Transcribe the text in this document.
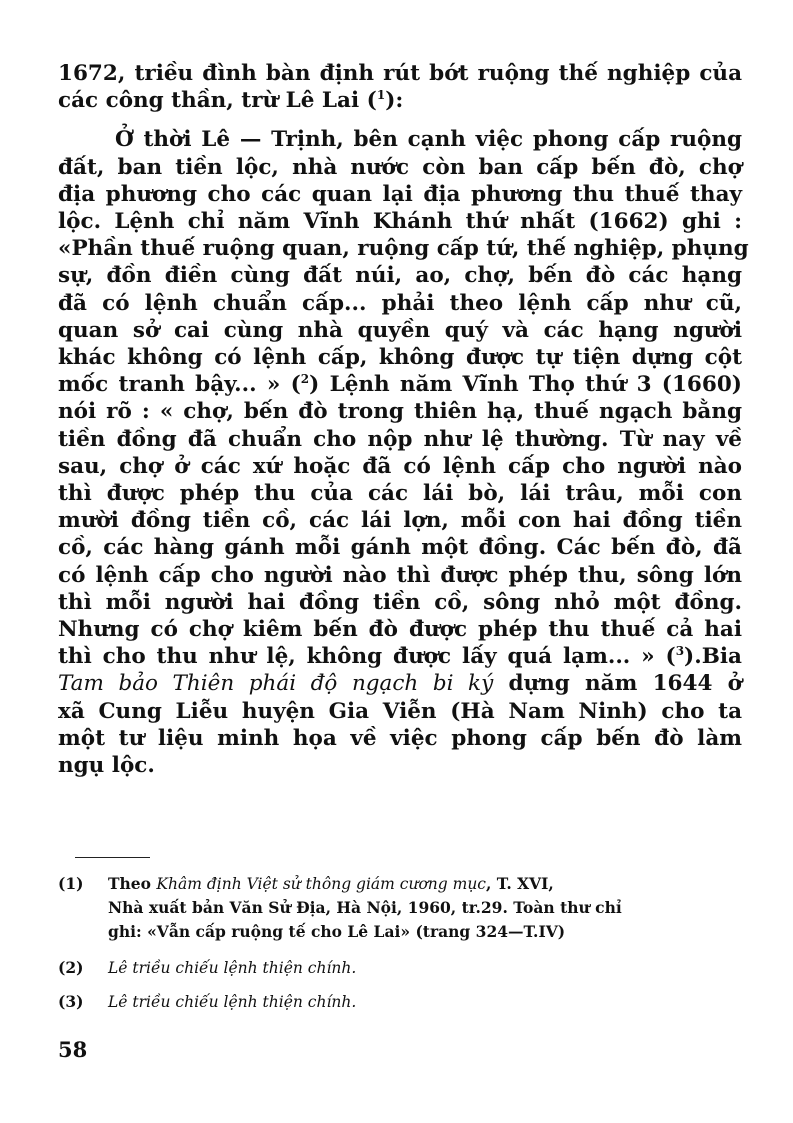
1672, triều đình bàn định rút bớt ruộng thế nghiệp của
các công thần, trừ Lê Lai ($^1$):
Ở thời Lê — Trịnh, bên cạnh việc phong cấp ruộng
đất, ban tiền lộc, nhà nước còn ban cấp bến đò, chợ
địa phương cho các quan lại địa phương thu thuế thay
lộc. Lệnh chỉ năm Vĩnh Khánh thứ nhất (1662) ghi :
«Phần thuế ruộng quan, ruộng cấp tứ, thế nghiệp, phụng
sự, đồn điền cùng đất núi, ao, chợ, bến đò các hạng
đã có lệnh chuẩn cấp... phải theo lệnh cấp như cũ,
quan sở cai cùng nhà quyền quý và các hạng người
khác không có lệnh cấp, không được tự tiện dựng cột
mốc tranh bậy... » ($^2$) Lệnh năm Vĩnh Thọ thứ 3 (1660)
nói rõ : « chợ, bến đò trong thiên hạ, thuế ngạch bằng
tiền đồng đã chuẩn cho nộp như lệ thường. Từ nay về
sau, chợ ở các xứ hoặc đã có lệnh cấp cho người nào
thì được phép thu của các lái bò, lái trâu, mỗi con
mười đồng tiền cồ, các lái lợn, mỗi con hai đồng tiền
cồ, các hàng gánh mỗi gánh một đồng. Các bến đò, đã
có lệnh cấp cho người nào thì được phép thu, sông lớn
thì mỗi người hai đồng tiền cồ, sông nhỏ một đồng.
Nhưng có chợ kiêm bến đò được phép thu thuế cả hai
thì cho thu như lệ, không được lấy quá lạm... » ($^3$).Bia
Tam bảo Thiên phái độ ngạch bi ký dựng năm 1644 ở
xã Cung Liễu huyện Gia Viễn (Hà Nam Ninh) cho ta
một tư liệu minh họa về việc phong cấp bến đò làm
ngụ lộc.
(1)	Theo Khâm định Việt sử thông giám cương mục, T. XVI,
Nhà xuất bản Văn Sử Địa, Hà Nội, 1960, tr.29. Toàn thư chỉ
ghi: «Vẫn cấp ruộng tế cho Lê Lai» (trang 324—T.IV)
(2)	Lê triều chiếu lệnh thiện chính.
(3)	Lê triều chiếu lệnh thiện chính.
58
